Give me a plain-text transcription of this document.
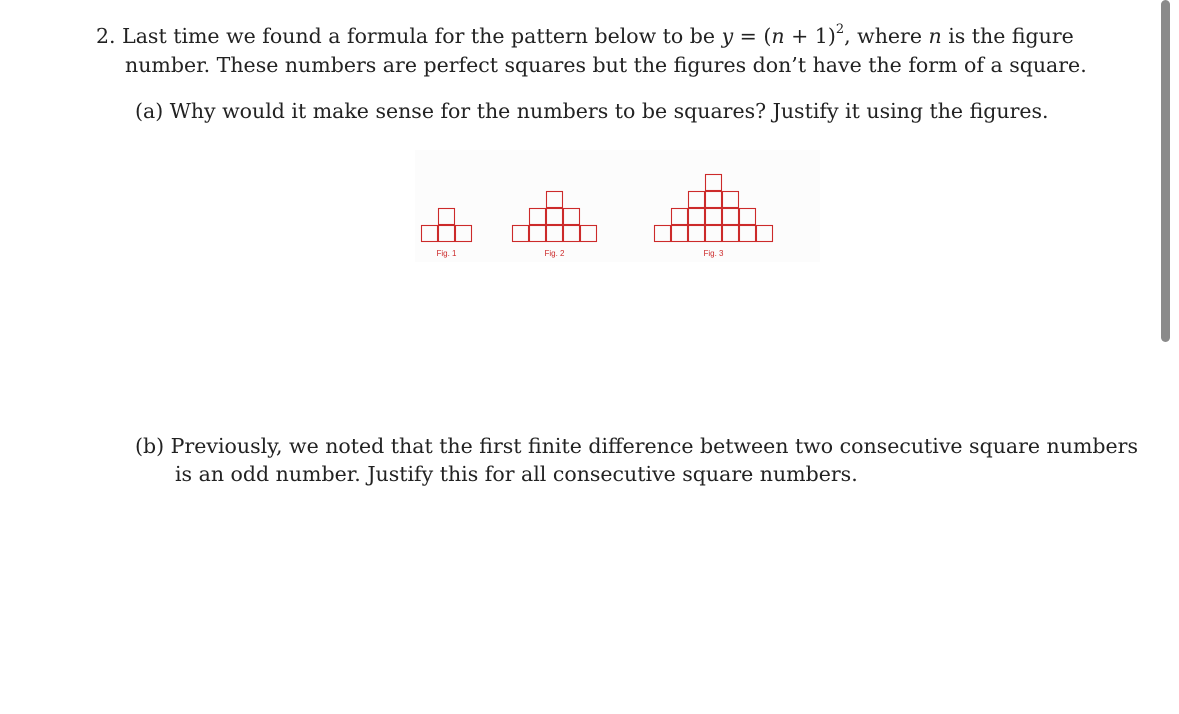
2. Last time we found a formula for the pattern below to be $y = (n + 1)^2$, where n is the figure
number. These numbers are perfect squares but the figures don’t have the form of a square.
(a) Why would it make sense for the numbers to be squares? Justify it using the figures.
Fig. 1	Fig. 2	Fig. 3
(b) Previously, we noted that the first finite difference between two consecutive square numbers
is an odd number. Justify this for all consecutive square numbers.
